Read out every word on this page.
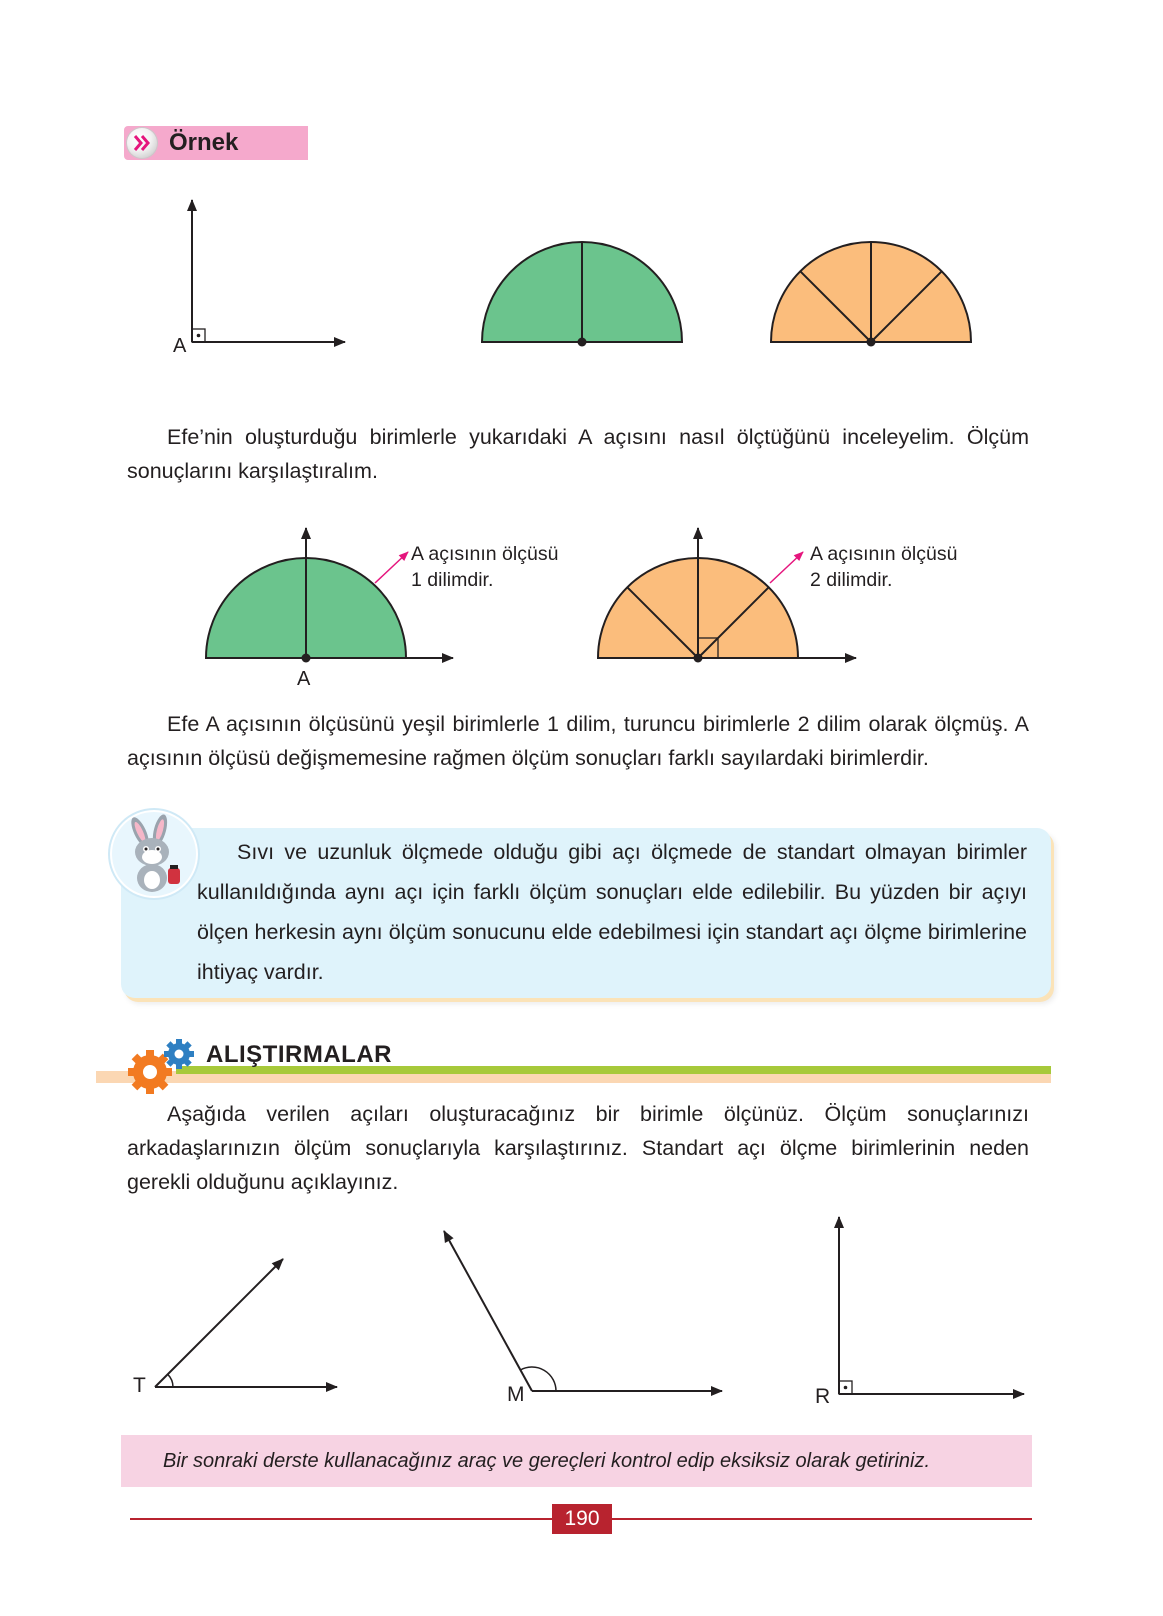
Örnek
A
Efe’nin oluşturduğu birimlerle yukarıdaki A açısını nasıl ölçtüğünü inceleyelim. Ölçüm sonuçlarını karşılaştıralım.
A açısının ölçüsü
1 dilimdir.
A açısının ölçüsü
2 dilimdir.
A
Efe A açısının ölçüsünü yeşil birimlerle 1 dilim, turuncu birimlerle 2 dilim olarak ölçmüş. A açısının ölçüsü değişmemesine rağmen ölçüm sonuçları farklı sayılardaki birimlerdir.
Sıvı ve uzunluk ölçmede olduğu gibi açı ölçmede de standart olmayan birimler kullanıldığında aynı açı için farklı ölçüm sonuçları elde edilebilir. Bu yüzden bir açıyı ölçen herkesin aynı ölçüm sonucunu elde edebilmesi için standart açı ölçme birimlerine ihtiyaç vardır.
ALIŞTIRMALAR
Aşağıda verilen açıları oluşturacağınız bir birimle ölçünüz. Ölçüm sonuçlarınızı arkadaşlarınızın ölçüm sonuçlarıyla karşılaştırınız. Standart açı ölçme birimlerinin neden gerekli olduğunu açıklayınız.
T	M	R
Bir sonraki derste kullanacağınız araç ve gereçleri kontrol edip eksiksiz olarak getiriniz.
190
